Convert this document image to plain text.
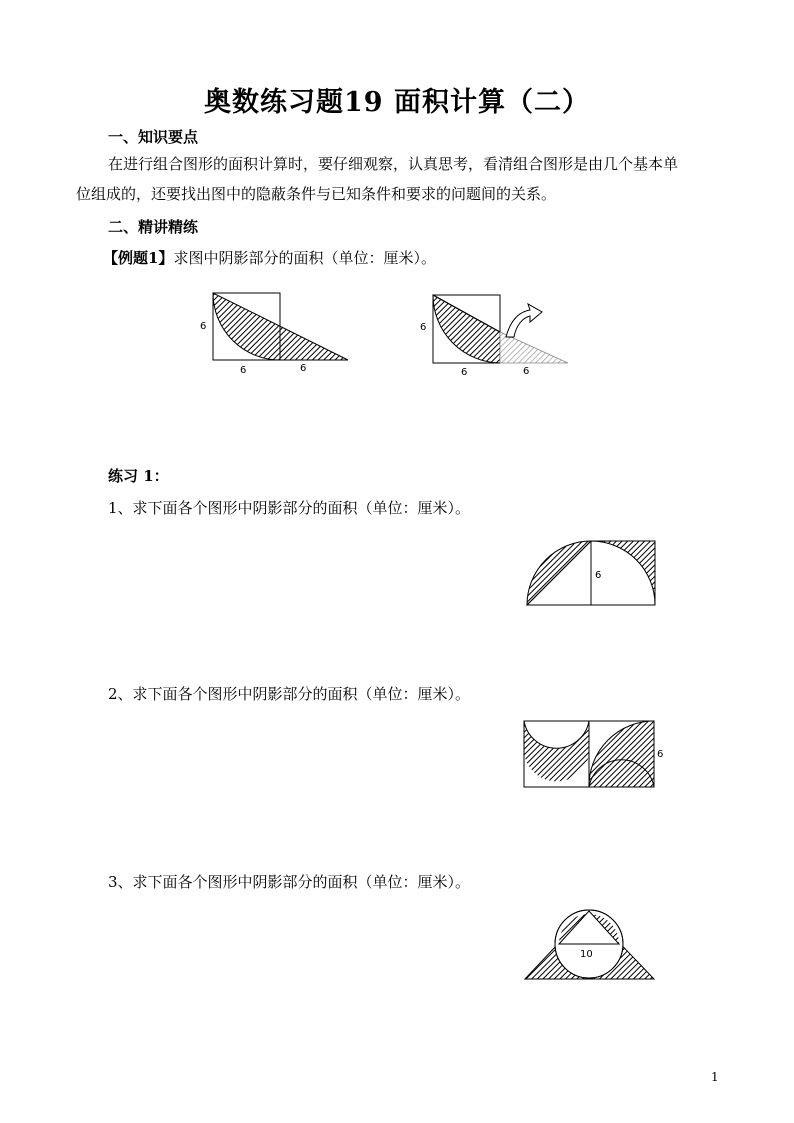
奥数练习题19 面积计算（二）
一、知识要点
在进行组合图形的面积计算时，要仔细观察，认真思考，看清组合图形是由几个基本单
位组成的，还要找出图中的隐蔽条件与已知条件和要求的问题间的关系。
二、精讲精练
【例题1】求图中阴影部分的面积（单位：厘米）。
6
6	6
6
6	6
练习 1：
1、求下面各个图形中阴影部分的面积（单位：厘米）。
6
2、求下面各个图形中阴影部分的面积（单位：厘米）。
6
3、求下面各个图形中阴影部分的面积（单位：厘米）。
10
1
